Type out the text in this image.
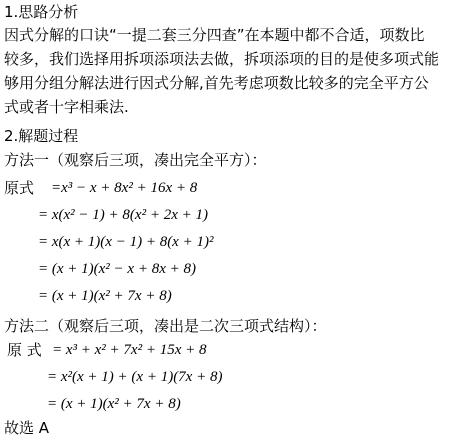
1.思路分析
因式分解的口诀“一提二套三分四查”在本题中都不合适，项数比
较多，我们选择用拆项添项法去做，拆项添项的目的是使多项式能
够用分组分解法进行因式分解,首先考虑项数比较多的完全平方公
式或者十字相乘法.
2.解题过程
方法一（观察后三项，凑出完全平方）：
原式 =x³ − x + 8x² + 16x + 8
= x(x² − 1) + 8(x² + 2x + 1)
= x(x + 1)(x − 1) + 8(x + 1)²
= (x + 1)(x² − x + 8x + 8)
= (x + 1)(x² + 7x + 8)
方法二（观察后三项，凑出是二次三项式结构）：
原 式 = x³ + x² + 7x² + 15x + 8
= x²(x + 1) + (x + 1)(7x + 8)
= (x + 1)(x² + 7x + 8)
故选 A
